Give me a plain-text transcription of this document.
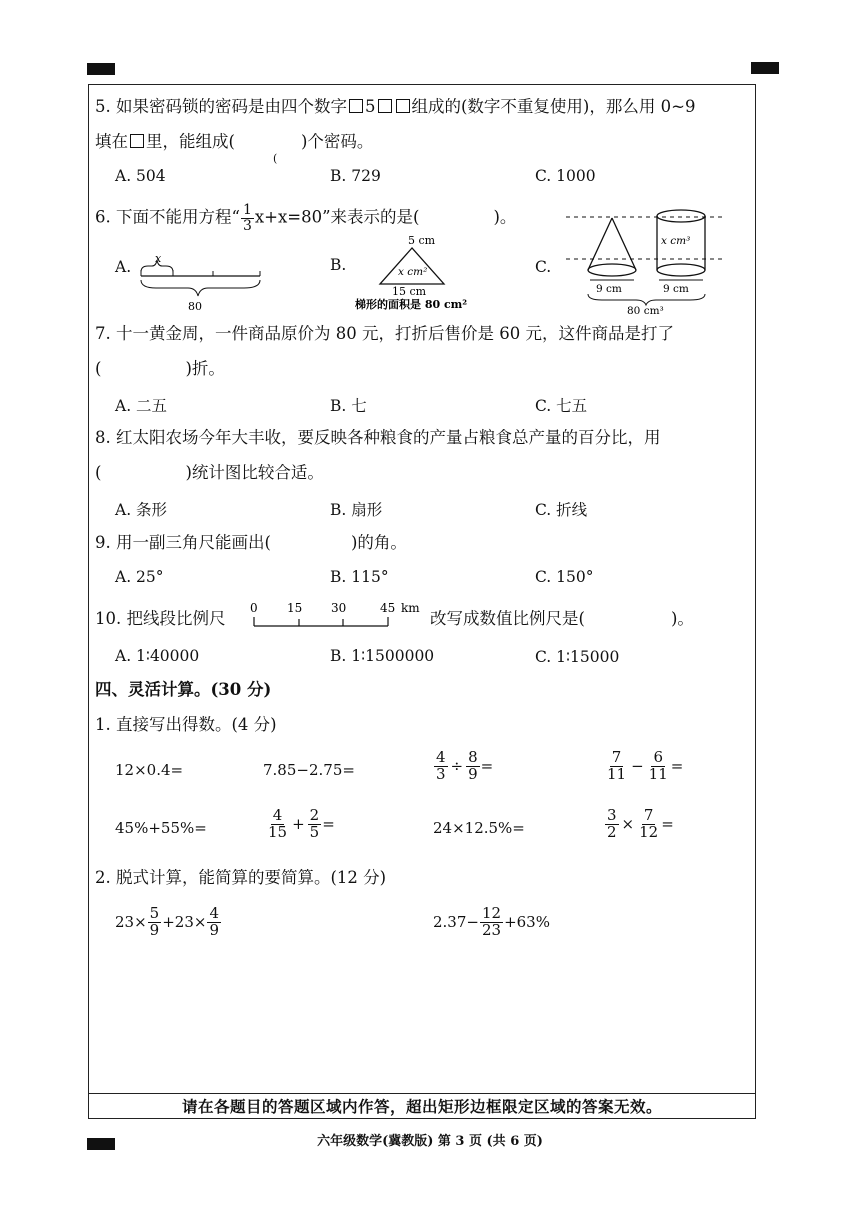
请在各题目的答题区域内作答，超出矩形边框限定区域的答案无效。
5. 如果密码锁的密码是由四个数字 5 组成的(数字不重复使用)，那么用 0~9
填在 里，能组成(
(
)个密码。
A. 504	B. 729	C. 1000
6. 下面不能用方程“ $\frac{1}{3} x+x=80$”来表示的是(	)。
A. x
80
B.
5 cm
x cm²
15 cm
梯形的面积是 80 cm²
C.
x cm³
9 cm	9 cm
80 cm³
7. 十一黄金周，一件商品原价为 80 元，打折后售价是 60 元，这件商品是打了
(	)折。
A. 二五	B. 七	C. 七五
8. 红太阳农场今年大丰收，要反映各种粮食的产量占粮食总产量的百分比，用
(	)统计图比较合适。
A. 条形	B. 扇形	C. 折线
9. 用一副三角尺能画出(	)的角。
A. 25°	B. 115°	C. 150°
10. 把线段比例尺
0 15 30	45 km
改写成数值比例尺是(	)。
A. 1∶40000	B. 1∶1500000	C. 1∶15000
四、灵活计算。(30 分)
1. 直接写出得数。(4 分)
12×0.4=	7.85−2.75=	$\frac{4}{3} \div \frac{8}{9}$ =	$\frac{7}{11} - \frac{6}{11}$ =
45%+55%=	$\frac{4}{15} + \frac{2}{5}$ =	24×12.5%=	$\frac{3}{2} \times \frac{7}{12}$ =
2. 脱式计算，能简算的要简算。(12 分)
$23\times \frac{5}{9} +23\times \frac{4}{9}$	$2.37- \frac{12}{23} +63\%$
六年级数学(冀教版) 第 3 页 (共 6 页)
